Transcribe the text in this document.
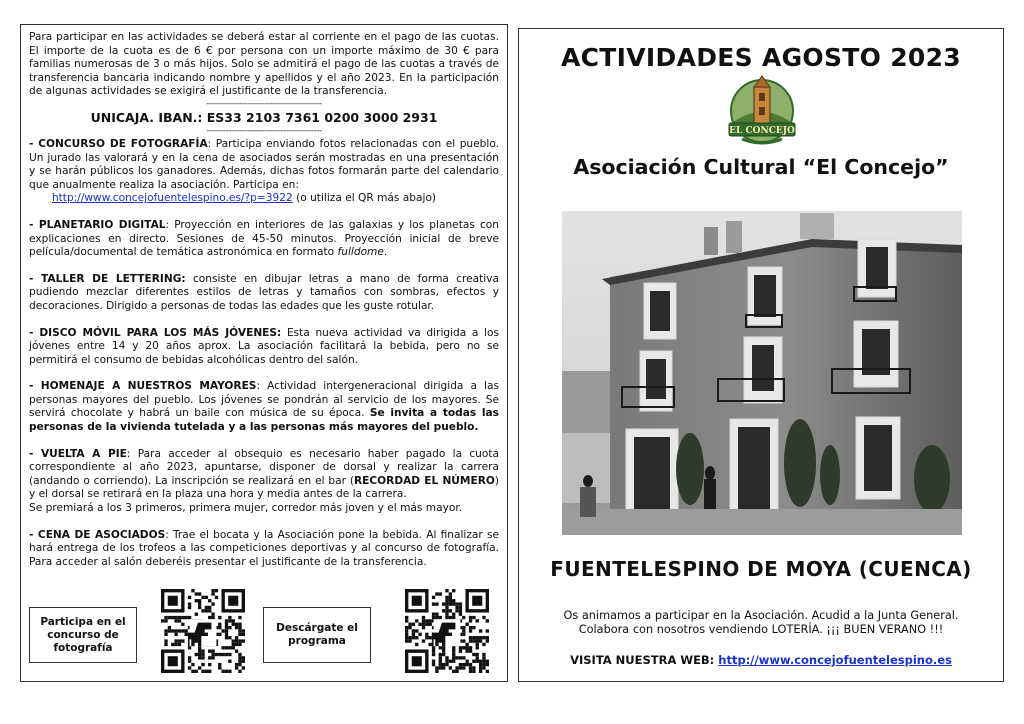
Para participar en las actividades se deberá estar al corriente en el pago de las cuotas. El importe de la cuota es de 6 € por persona con un importe máximo de 30 € para familias numerosas de 3 o más hijos. Solo se admitirá el pago de las cuotas a través de transferencia bancaria indicando nombre y apellidos y el año 2023. En la participación de algunas actividades se exigirá el justificante de la transferencia.

------------------------------------------
UNICAJA. IBAN.: ES33 2103 7361 0200 3000 2931
------------------------------------------

- CONCURSO DE FOTOGRAFÍA: Participa enviando fotos relacionadas con el pueblo. Un jurado las valorará y en la cena de asociados serán mostradas en una presentación y se harán públicos los ganadores. Además, dichas fotos formarán parte del calendario que anualmente realiza la asociación. Participa en:
http://www.concejofuentelespino.es/?p=3922 (o utiliza el QR más abajo)

- PLANETARIO DIGITAL: Proyección en interiores de las galaxias y los planetas con explicaciones en directo. Sesiones de 45-50 minutos. Proyección inicial de breve película/documental de temática astronómica en formato fulldome.

- TALLER DE LETTERING: consiste en dibujar letras a mano de forma creativa pudiendo mezclar diferentes estilos de letras y tamaños con sombras, efectos y decoraciones. Dirigido a personas de todas las edades que les guste rotular.

- DISCO MÓVIL PARA LOS MÁS JÓVENES: Esta nueva actividad va dirigida a los jóvenes entre 14 y 20 años aprox. La asociación facilitará la bebida, pero no se permitirá el consumo de bebidas alcohólicas dentro del salón.

- HOMENAJE A NUESTROS MAYORES: Actividad intergeneracional dirigida a las personas mayores del pueblo. Los jóvenes se pondrán al servicio de los mayores. Se servirá chocolate y habrá un baile con música de su época. Se invita a todas las personas de la vivienda tutelada y a las personas más mayores del pueblo.

- VUELTA A PIE: Para acceder al obsequio es necesario haber pagado la cuota correspondiente al año 2023, apuntarse, disponer de dorsal y realizar la carrera (andando o corriendo). La inscripción se realizará en el bar (RECORDAD EL NÚMERO) y el dorsal se retirará en la plaza una hora y media antes de la carrera.
Se premiará a los 3 primeros, primera mujer, corredor más joven y el más mayor.

- CENA DE ASOCIADOS: Trae el bocata y la Asociación pone la bebida. Al finalizar se hará entrega de los trofeos a las competiciones deportivas y al concurso de fotografía. Para acceder al salón deberéis presentar el justificante de la transferencia.

Participa en el concurso de fotografía
Descárgate el programa
ACTIVIDADES AGOSTO 2023
EL CONCEJO
Asociación Cultural “El Concejo”
FUENTELESPINO DE MOYA (CUENCA)
Os animamos a participar en la Asociación. Acudid a la Junta General.
Colabora con nosotros vendiendo LOTERÍA. ¡¡¡ BUEN VERANO !!!
VISITA NUESTRA WEB: http://www.concejofuentelespino.es
